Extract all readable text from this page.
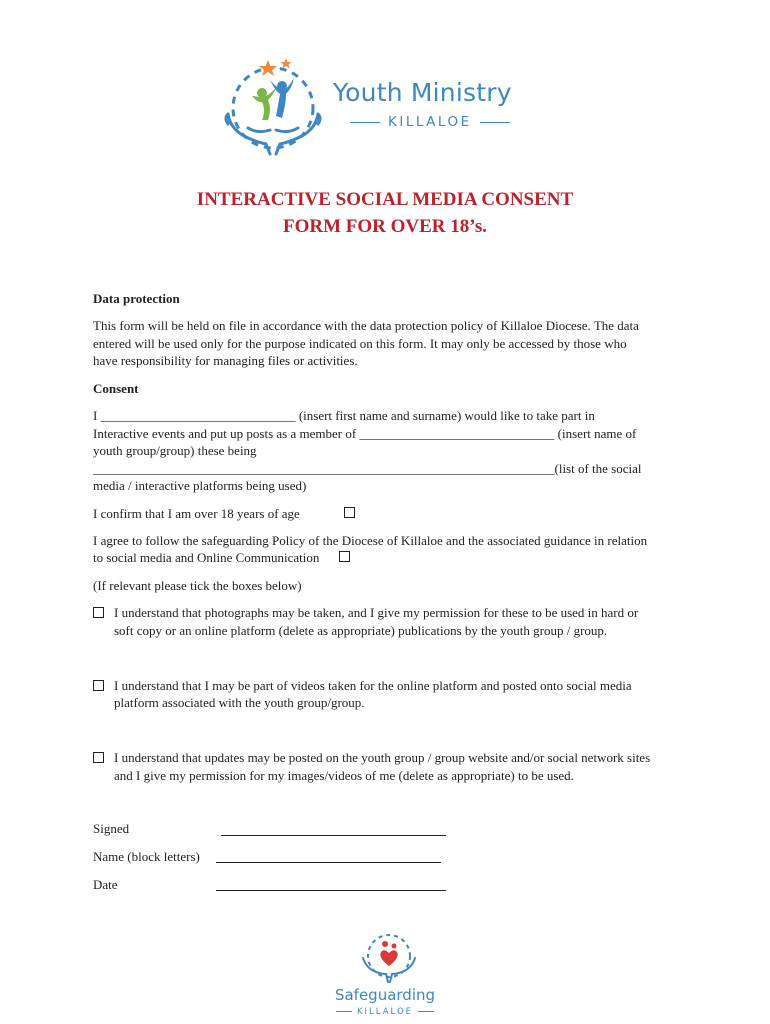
Youth Ministry
KILLALOE
INTERACTIVE SOCIAL MEDIA CONSENT
FORM FOR OVER 18’s.
Data protection
This form will be held on file in accordance with the data protection policy of Killaloe Diocese. The data
entered will be used only for the purpose indicated on this form. It may only be accessed by those who
have responsibility for managing files or activities.
Consent
I ______________________________ (insert first name and surname) would like to take part in
Interactive events and put up posts as a member of ______________________________ (insert name of
youth group/group) these being
_______________________________________________________________________(list of the social
media / interactive platforms being used)
I confirm that I am over 18 years of age
I agree to follow the safeguarding Policy of the Diocese of Killaloe and the associated guidance in relation
to social media and Online Communication
(If relevant please tick the boxes below)
I understand that photographs may be taken, and I give my permission for these to be used in hard or
soft copy or an online platform (delete as appropriate) publications by the youth group / group.
I understand that I may be part of videos taken for the online platform and posted onto social media
platform associated with the youth group/group.
I understand that updates may be posted on the youth group / group website and/or social network sites
and I give my permission for my images/videos of me (delete as appropriate) to be used.
Signed
Name (block letters)
Date
Safeguarding
KILLALOE
